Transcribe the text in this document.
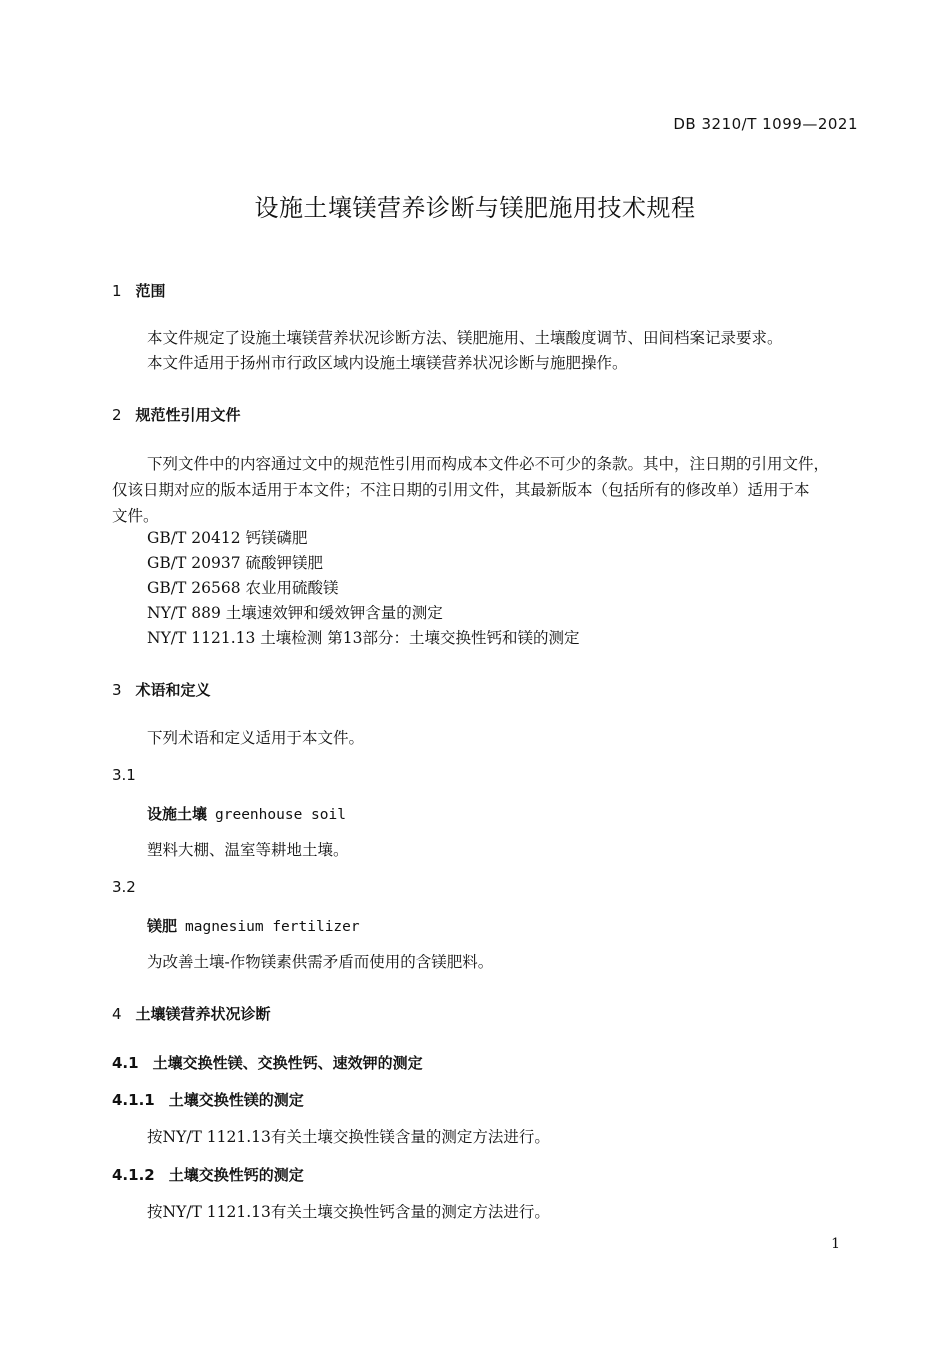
DB 3210/T 1099—2021
设施土壤镁营养诊断与镁肥施用技术规程
1 范围
本文件规定了设施土壤镁营养状况诊断方法、镁肥施用、土壤酸度调节、田间档案记录要求。
本文件适用于扬州市行政区域内设施土壤镁营养状况诊断与施肥操作。
2 规范性引用文件
下列文件中的内容通过文中的规范性引用而构成本文件必不可少的条款。其中，注日期的引用文件，
仅该日期对应的版本适用于本文件；不注日期的引用文件，其最新版本（包括所有的修改单）适用于本
文件。
GB/T 20412 钙镁磷肥
GB/T 20937 硫酸钾镁肥
GB/T 26568 农业用硫酸镁
NY/T 889 土壤速效钾和缓效钾含量的测定
NY/T 1121.13 土壤检测 第13部分：土壤交换性钙和镁的测定
3 术语和定义
下列术语和定义适用于本文件。
3.1
设施土壤 greenhouse soil
塑料大棚、温室等耕地土壤。
3.2
镁肥 magnesium fertilizer
为改善土壤-作物镁素供需矛盾而使用的含镁肥料。
4 土壤镁营养状况诊断
4.1 土壤交换性镁、交换性钙、速效钾的测定
4.1.1 土壤交换性镁的测定
按NY/T 1121.13有关土壤交换性镁含量的测定方法进行。
4.1.2 土壤交换性钙的测定
按NY/T 1121.13有关土壤交换性钙含量的测定方法进行。
1
